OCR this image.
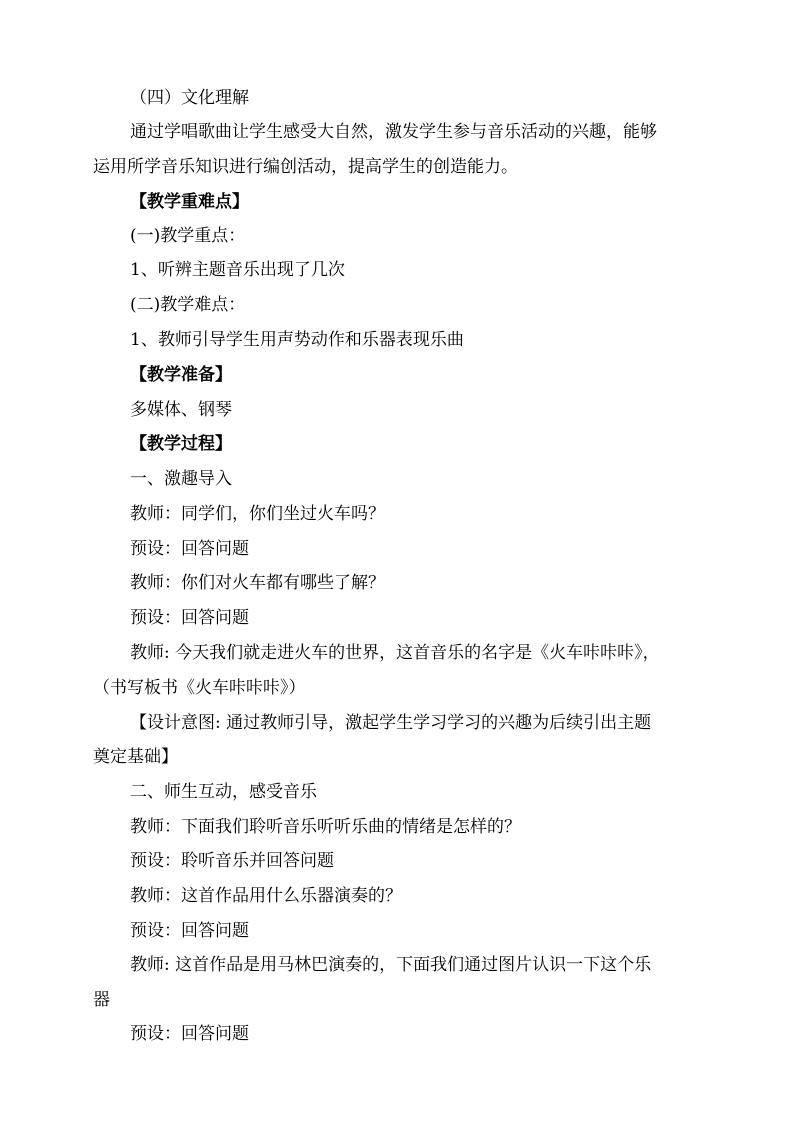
（四）文化理解
通过学唱歌曲让学生感受大自然，激发学生参与音乐活动的兴趣，能够
运用所学音乐知识进行编创活动，提高学生的创造能力。
【教学重难点】
(一)教学重点：
1、听辨主题音乐出现了几次
(二)教学难点：
1、教师引导学生用声势动作和乐器表现乐曲
【教学准备】
多媒体、钢琴
【教学过程】
一、激趣导入
教师：同学们，你们坐过火车吗？
预设：回答问题
教师：你们对火车都有哪些了解？
预设：回答问题
教师: 今天我们就走进火车的世界，这首音乐的名字是《火车咔咔咔》，
（书写板书《火车咔咔咔》）
【设计意图: 通过教师引导，激起学生学习学习的兴趣为后续引出主题
奠定基础】
二、师生互动，感受音乐
教师：下面我们聆听音乐听听乐曲的情绪是怎样的？
预设：聆听音乐并回答问题
教师：这首作品用什么乐器演奏的？
预设：回答问题
教师: 这首作品是用马林巴演奏的，下面我们通过图片认识一下这个乐
器
预设：回答问题
